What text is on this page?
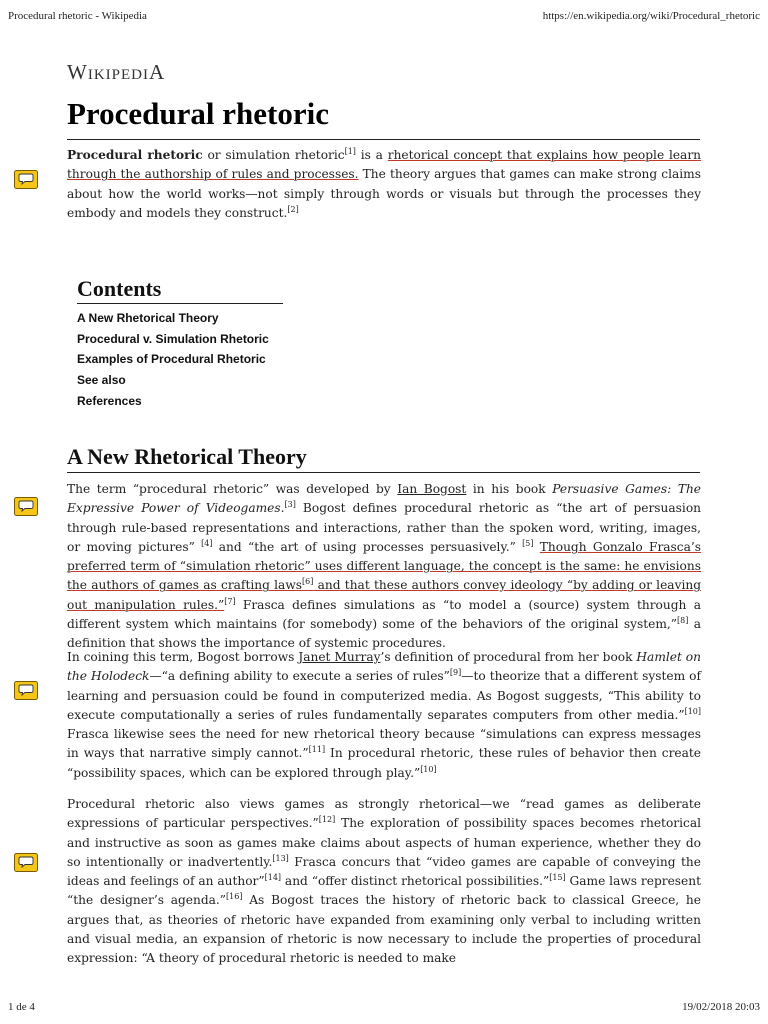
Procedural rhetoric - Wikipedia	https://en.wikipedia.org/wiki/Procedural_rhetoric
WikipediA
Procedural rhetoric

Procedural rhetoric or simulation rhetoric[1] is a rhetorical concept that explains how people learn through the authorship of rules and processes. The theory argues that games can make strong claims about how the world works—not simply through words or visuals but through the processes they embody and models they construct.[2]

Contents
A New Rhetorical Theory
Procedural v. Simulation Rhetoric
Examples of Procedural Rhetoric
See also
References
A New Rhetorical Theory

The term “procedural rhetoric” was developed by Ian Bogost in his book Persuasive Games: The Expressive Power of Videogames.[3] Bogost defines procedural rhetoric as “the art of persuasion through rule-based representations and interactions, rather than the spoken word, writing, images, or moving pictures” [4] and “the art of using processes persuasively.” [5] Though Gonzalo Frasca’s preferred term of “simulation rhetoric” uses different language, the concept is the same: he envisions the authors of games as crafting laws[6] and that these authors convey ideology “by adding or leaving out manipulation rules.”[7] Frasca defines simulations as “to model a (source) system through a different system which maintains (for somebody) some of the behaviors of the original system,”[8] a definition that shows the importance of systemic procedures.

In coining this term, Bogost borrows Janet Murray’s definition of procedural from her book Hamlet on the Holodeck—“a defining ability to execute a series of rules”[9]—to theorize that a different system of learning and persuasion could be found in computerized media. As Bogost suggests, “This ability to execute computationally a series of rules fundamentally separates computers from other media.”[10] Frasca likewise sees the need for new rhetorical theory because “simulations can express messages in ways that narrative simply cannot.”[11] In procedural rhetoric, these rules of behavior then create “possibility spaces, which can be explored through play.”[10]

Procedural rhetoric also views games as strongly rhetorical—we “read games as deliberate expressions of particular perspectives.”[12] The exploration of possibility spaces becomes rhetorical and instructive as soon as games make claims about aspects of human experience, whether they do so intentionally or inadvertently.[13] Frasca concurs that “video games are capable of conveying the ideas and feelings of an author”[14] and “offer distinct rhetorical possibilities.”[15] Game laws represent “the designer’s agenda.”[16] As Bogost traces the history of rhetoric back to classical Greece, he argues that, as theories of rhetoric have expanded from examining only verbal to including written and visual media, an expansion of rhetoric is now necessary to include the properties of procedural expression: “A theory of procedural rhetoric is needed to make

1 de 4	19/02/2018 20:03
